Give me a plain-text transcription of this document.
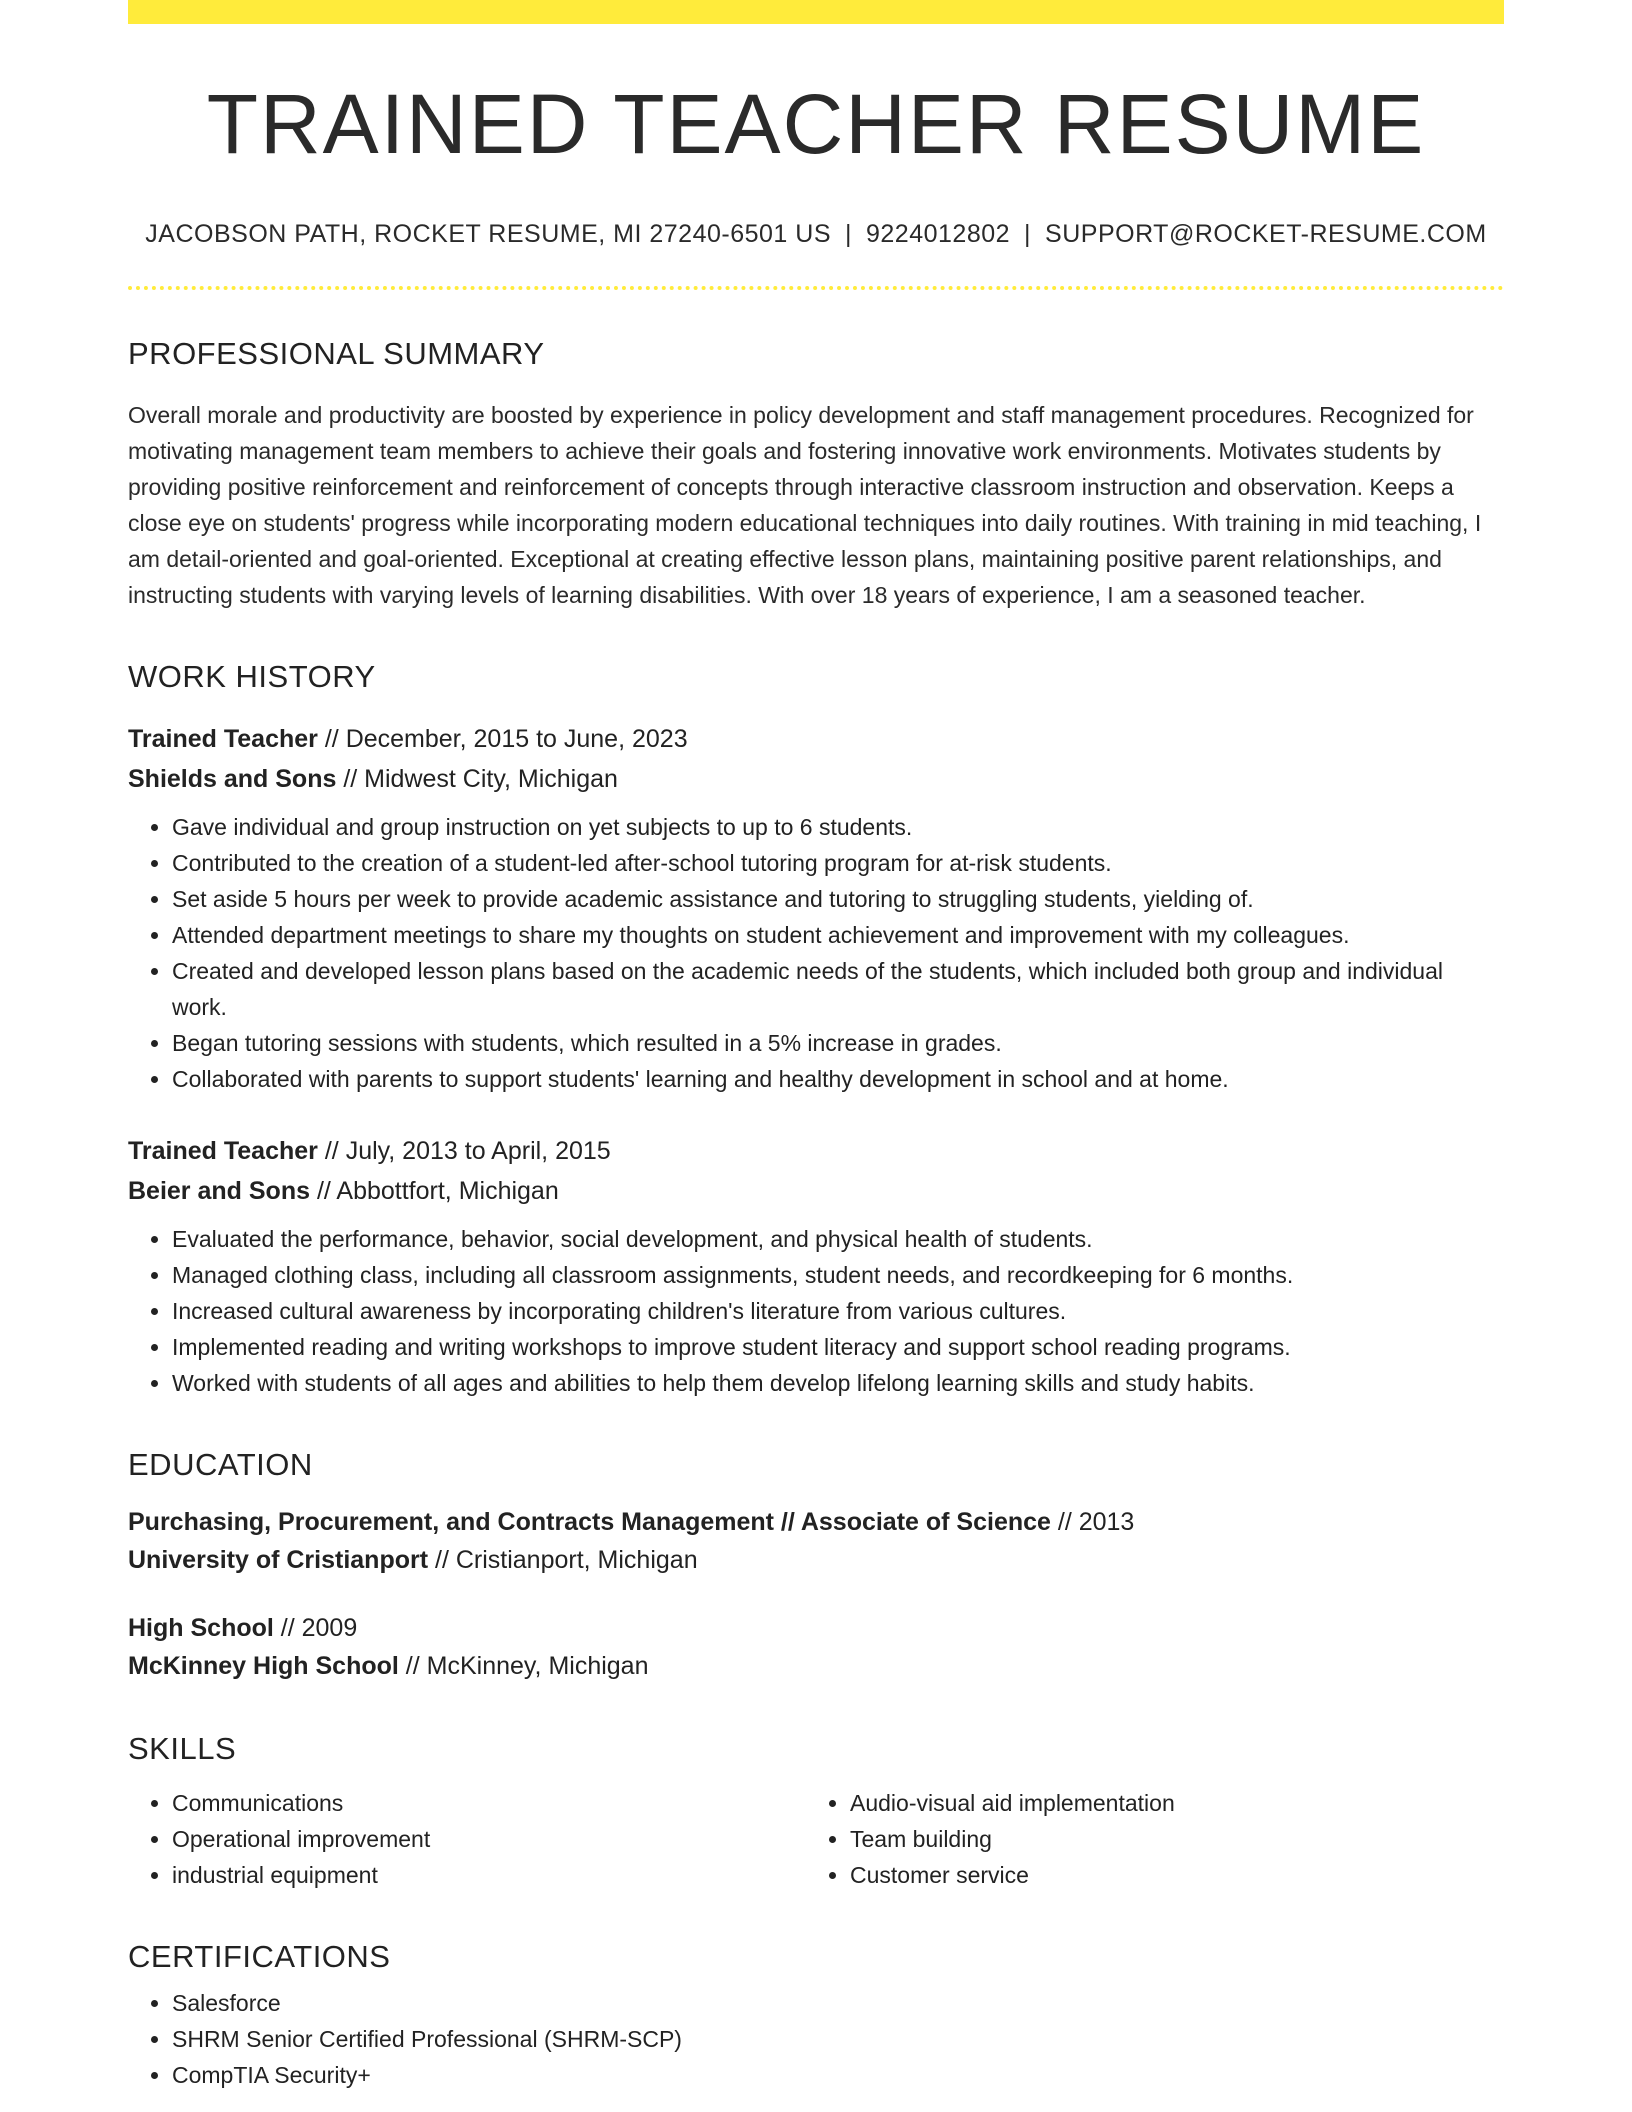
TRAINED TEACHER RESUME
JACOBSON PATH, ROCKET RESUME, MI 27240-6501 US | 9224012802 | SUPPORT@ROCKET-RESUME.COM
PROFESSIONAL SUMMARY
Overall morale and productivity are boosted by experience in policy development and staff management procedures. Recognized for motivating management team members to achieve their goals and fostering innovative work environments. Motivates students by providing positive reinforcement and reinforcement of concepts through interactive classroom instruction and observation. Keeps a close eye on students' progress while incorporating modern educational techniques into daily routines. With training in mid teaching, I am detail-oriented and goal-oriented. Exceptional at creating effective lesson plans, maintaining positive parent relationships, and instructing students with varying levels of learning disabilities. With over 18 years of experience, I am a seasoned teacher.
WORK HISTORY
Trained Teacher // December, 2015 to June, 2023
Shields and Sons // Midwest City, Michigan
• Gave individual and group instruction on yet subjects to up to 6 students.
• Contributed to the creation of a student-led after-school tutoring program for at-risk students.
• Set aside 5 hours per week to provide academic assistance and tutoring to struggling students, yielding of.
• Attended department meetings to share my thoughts on student achievement and improvement with my colleagues.
• Created and developed lesson plans based on the academic needs of the students, which included both group and individual work.
• Began tutoring sessions with students, which resulted in a 5% increase in grades.
• Collaborated with parents to support students' learning and healthy development in school and at home.
Trained Teacher // July, 2013 to April, 2015
Beier and Sons // Abbottfort, Michigan
• Evaluated the performance, behavior, social development, and physical health of students.
• Managed clothing class, including all classroom assignments, student needs, and recordkeeping for 6 months.
• Increased cultural awareness by incorporating children's literature from various cultures.
• Implemented reading and writing workshops to improve student literacy and support school reading programs.
• Worked with students of all ages and abilities to help them develop lifelong learning skills and study habits.
EDUCATION
Purchasing, Procurement, and Contracts Management // Associate of Science // 2013
University of Cristianport // Cristianport, Michigan
High School // 2009
McKinney High School // McKinney, Michigan
SKILLS
• Communications
• Operational improvement
• industrial equipment
• Audio-visual aid implementation
• Team building
• Customer service
CERTIFICATIONS
• Salesforce
• SHRM Senior Certified Professional (SHRM-SCP)
• CompTIA Security+
